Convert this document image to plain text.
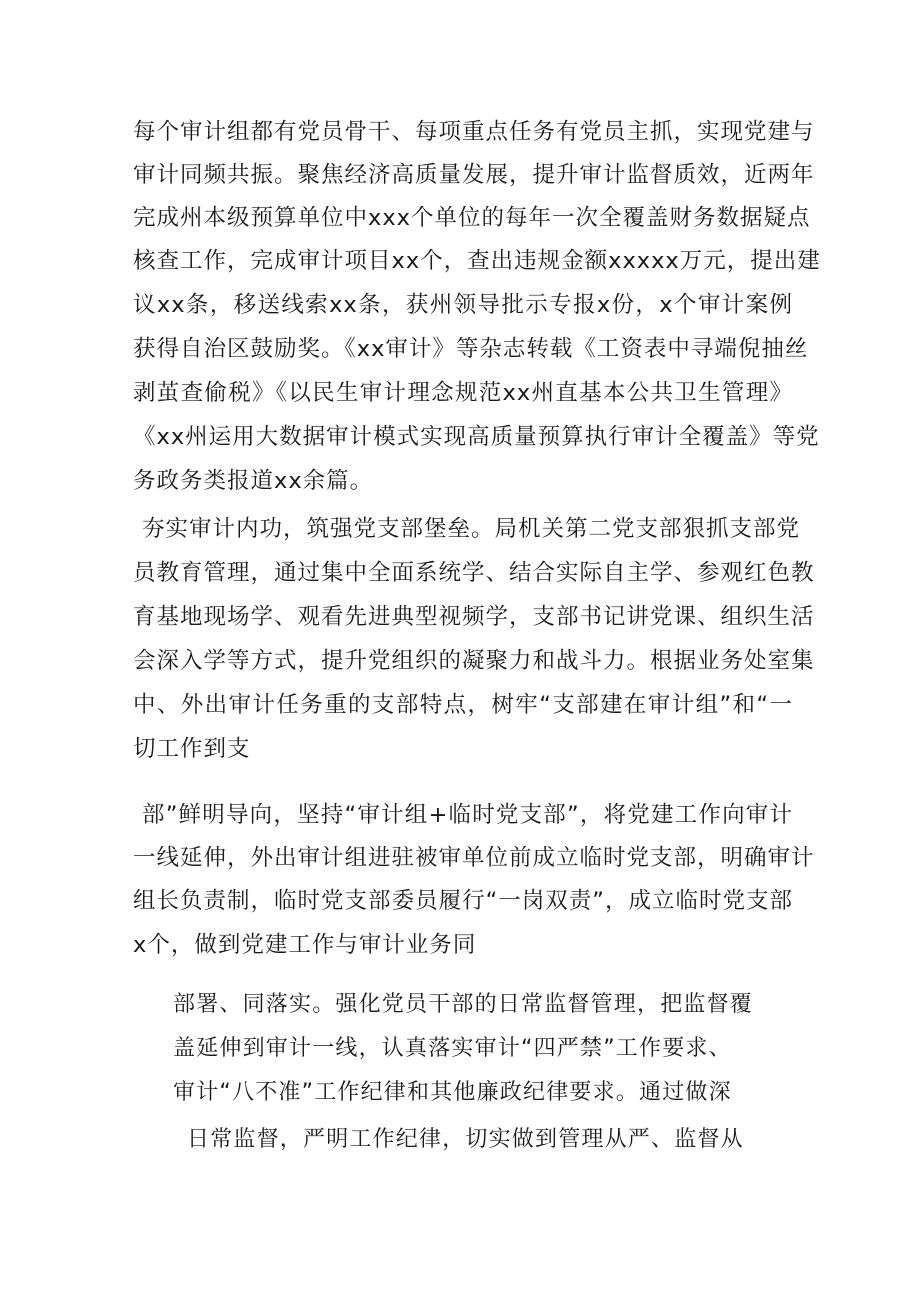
每个审计组都有党员骨干、每项重点任务有党员主抓，实现党建与

审计同频共振。聚焦经济高质量发展，提升审计监督质效，近两年

完成州本级预算单位中xxx个单位的每年一次全覆盖财务数据疑点

核查工作，完成审计项目xx个，查出违规金额xxxxx万元，提出建

议xx条，移送线索xx条，获州领导批示专报x份，x个审计案例

获得自治区鼓励奖。《xx审计》等杂志转载《工资表中寻端倪抽丝

剥茧查偷税》《以民生审计理念规范xx州直基本公共卫生管理》

《xx州运用大数据审计模式实现高质量预算执行审计全覆盖》等党

务政务类报道xx余篇。

夯实审计内功，筑强党支部堡垒。局机关第二党支部狠抓支部党

员教育管理，通过集中全面系统学、结合实际自主学、参观红色教

育基地现场学、观看先进典型视频学，支部书记讲党课、组织生活

会深入学等方式，提升党组织的凝聚力和战斗力。根据业务处室集

中、外出审计任务重的支部特点，树牢“支部建在审计组”和“一

切工作到支

部”鲜明导向，坚持“审计组+临时党支部”，将党建工作向审计

一线延伸，外出审计组进驻被审单位前成立临时党支部，明确审计

组长负责制，临时党支部委员履行“一岗双责”，成立临时党支部

x个，做到党建工作与审计业务同

部署、同落实。强化党员干部的日常监督管理，把监督覆

盖延伸到审计一线，认真落实审计“四严禁”工作要求、

审计“八不准”工作纪律和其他廉政纪律要求。通过做深

日常监督，严明工作纪律，切实做到管理从严、监督从
